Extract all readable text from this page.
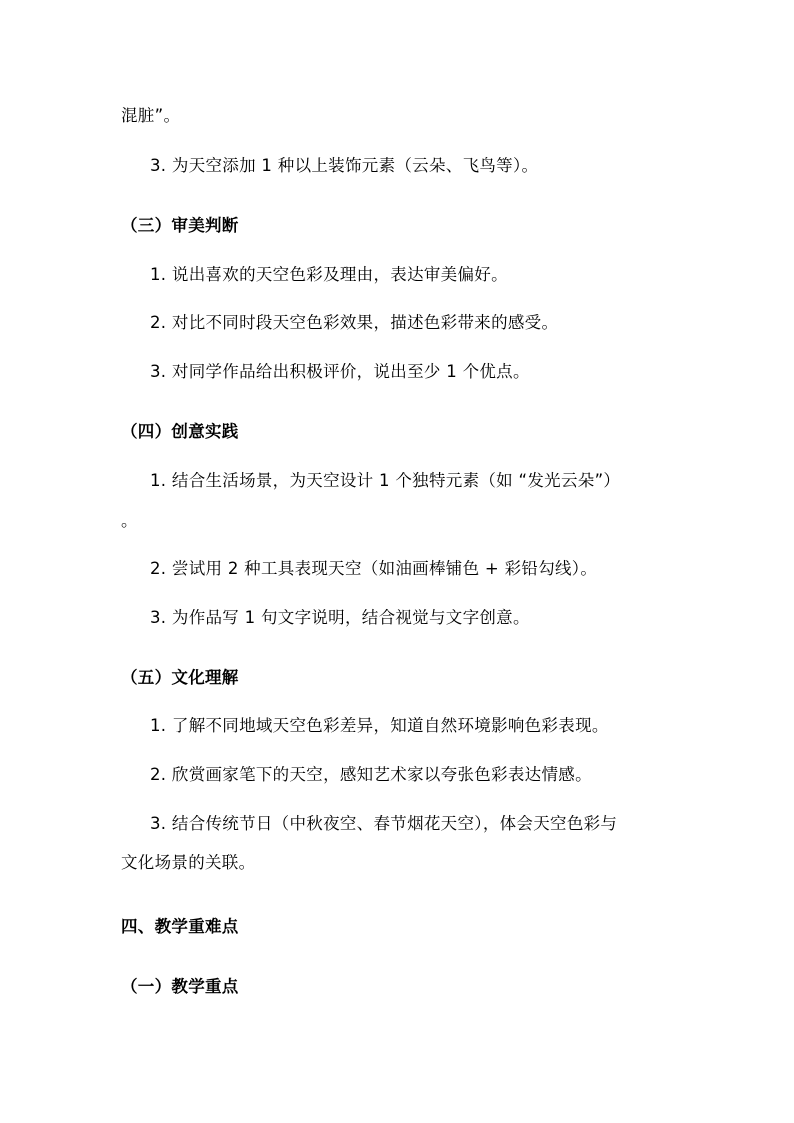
混脏”。
3. 为天空添加 1 种以上装饰元素（云朵、飞鸟等）。
（三）审美判断
1. 说出喜欢的天空色彩及理由，表达审美偏好。
2. 对比不同时段天空色彩效果，描述色彩带来的感受。
3. 对同学作品给出积极评价，说出至少 1 个优点。
（四）创意实践
1. 结合生活场景，为天空设计 1 个独特元素（如 “发光云朵”）
。
2. 尝试用 2 种工具表现天空（如油画棒铺色 + 彩铅勾线）。
3. 为作品写 1 句文字说明，结合视觉与文字创意。
（五）文化理解
1. 了解不同地域天空色彩差异，知道自然环境影响色彩表现。
2. 欣赏画家笔下的天空，感知艺术家以夸张色彩表达情感。
3. 结合传统节日（中秋夜空、春节烟花天空），体会天空色彩与
文化场景的关联。
四、教学重难点
（一）教学重点
